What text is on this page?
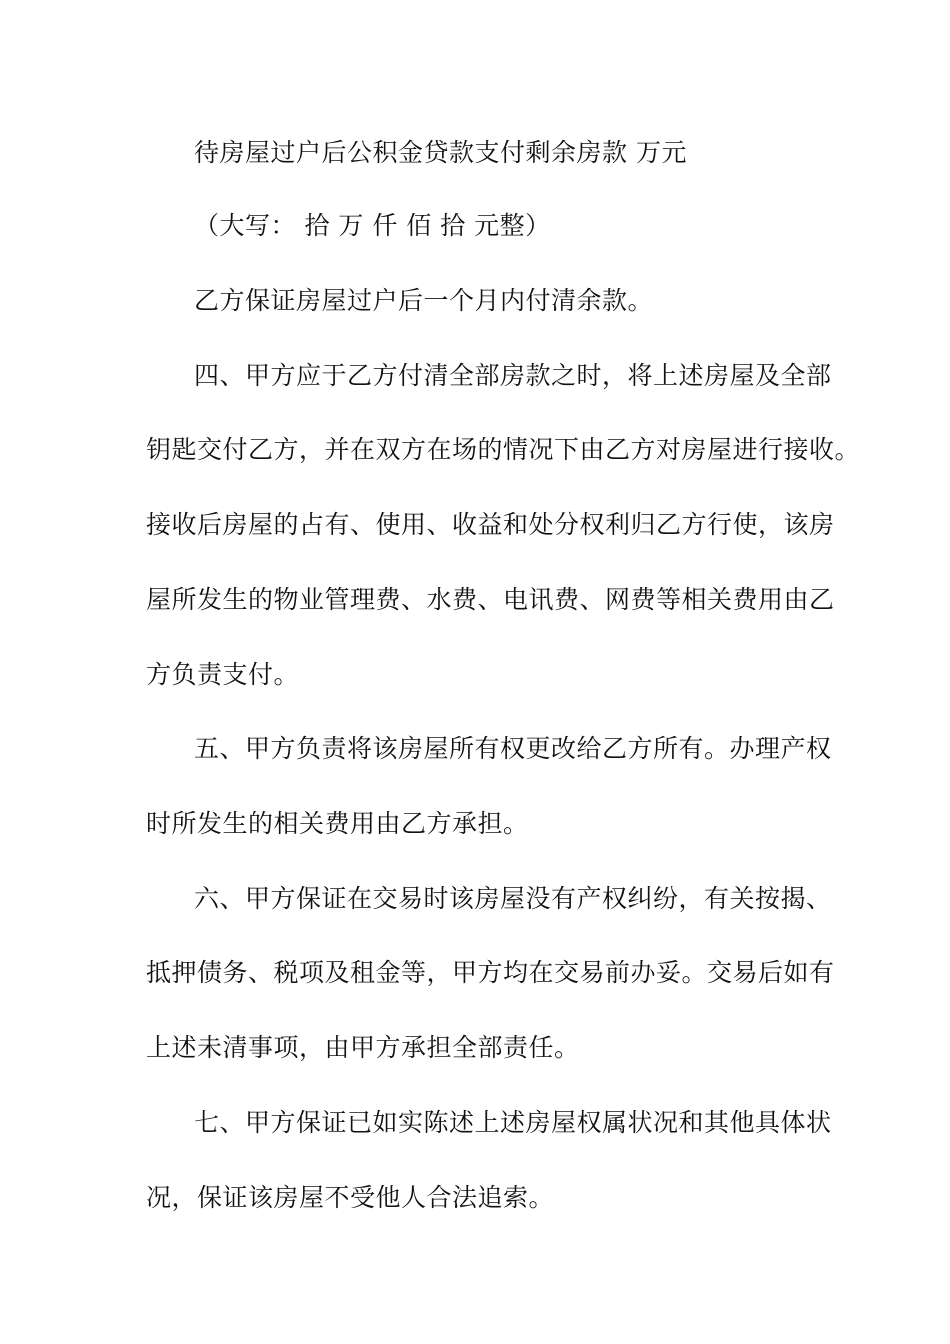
待房屋过户后公积金贷款支付剩余房款 万元
（大写： 拾 万 仟 佰 拾 元整）
乙方保证房屋过户后一个月内付清余款。
四、甲方应于乙方付清全部房款之时，将上述房屋及全部
钥匙交付乙方，并在双方在场的情况下由乙方对房屋进行接收。
接收后房屋的占有、使用、收益和处分权利归乙方行使，该房
屋所发生的物业管理费、水费、电讯费、网费等相关费用由乙
方负责支付。
五、甲方负责将该房屋所有权更改给乙方所有。办理产权
时所发生的相关费用由乙方承担。
六、甲方保证在交易时该房屋没有产权纠纷，有关按揭、
抵押债务、税项及租金等，甲方均在交易前办妥。交易后如有
上述未清事项，由甲方承担全部责任。
七、甲方保证已如实陈述上述房屋权属状况和其他具体状
况，保证该房屋不受他人合法追索。
